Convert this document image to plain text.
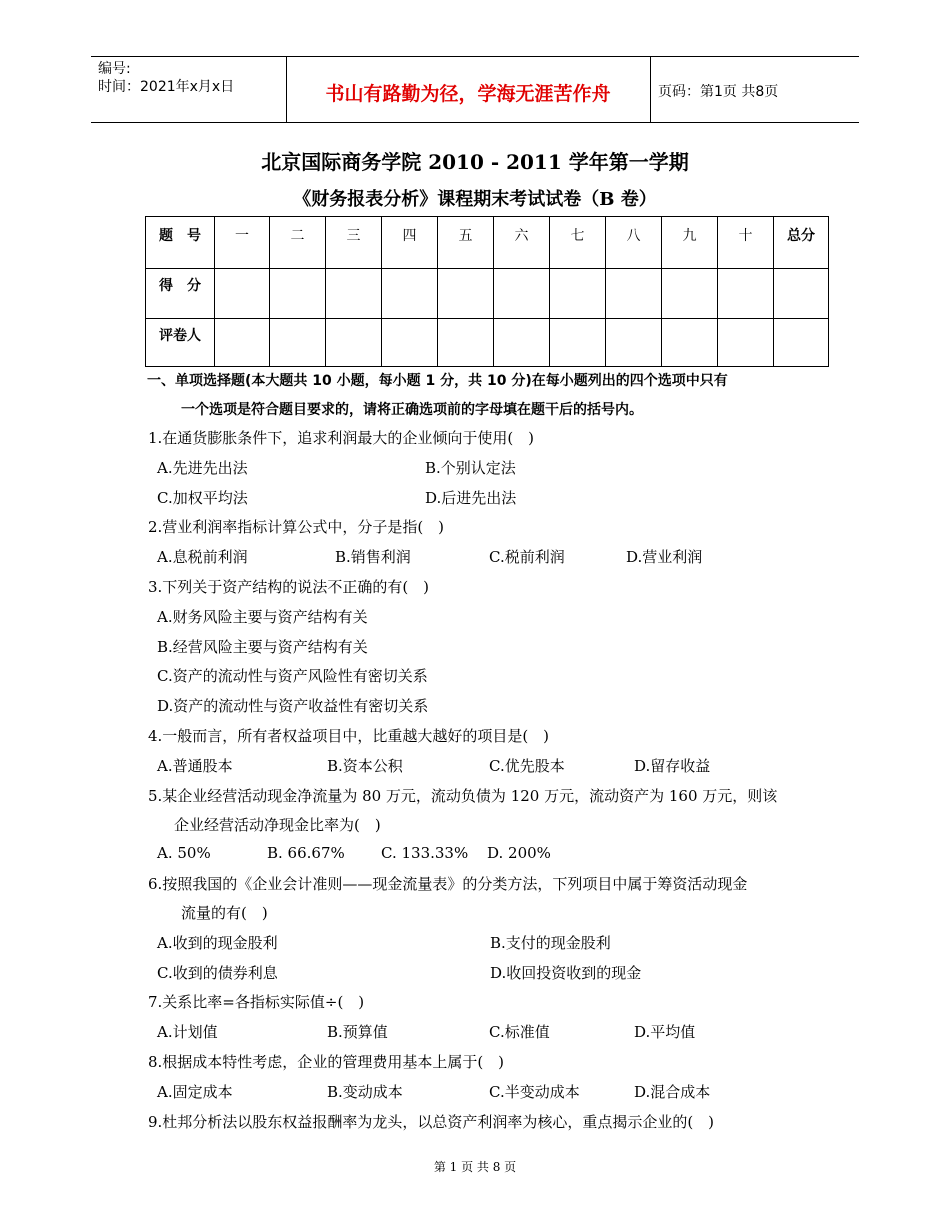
编号:
时间：2021年x月x日	书山有路勤为径，学海无涯苦作舟	页码：第1页 共8页
北京国际商务学院 2010 - 2011 学年第一学期
《财务报表分析》课程期末考试试卷（B 卷）
题　号	一	二	三	四	五	六	七	八	九	十	总分
得　分											
评卷人											
一、单项选择题(本大题共 10 小题，每小题 1 分，共 10 分)在每小题列出的四个选项中只有
一个选项是符合题目要求的，请将正确选项前的字母填在题干后的括号内。
1.在通货膨胀条件下，追求利润最大的企业倾向于使用(　)
A.先进先出法	B.个别认定法
C.加权平均法	D.后进先出法
2.营业利润率指标计算公式中，分子是指(　)
A.息税前利润	B.销售利润	C.税前利润	D.营业利润
3.下列关于资产结构的说法不正确的有(　)
A.财务风险主要与资产结构有关
B.经营风险主要与资产结构有关
C.资产的流动性与资产风险性有密切关系
D.资产的流动性与资产收益性有密切关系
4.一般而言，所有者权益项目中，比重越大越好的项目是(　)
A.普通股本	B.资本公积	C.优先股本	D.留存收益
5.某企业经营活动现金净流量为 80 万元，流动负债为 120 万元，流动资产为 160 万元，则该
企业经营活动净现金比率为(　)
A. 50%	B. 66.67% C. 133.33% D. 200%
6.按照我国的《企业会计准则——现金流量表》的分类方法，下列项目中属于筹资活动现金
流量的有(　)
A.收到的现金股利	B.支付的现金股利
C.收到的债券利息	D.收回投资收到的现金
7.关系比率=各指标实际值÷(　)
A.计划值	B.预算值	C.标准值	D.平均值
8.根据成本特性考虑，企业的管理费用基本上属于(　)
A.固定成本	B.变动成本	C.半变动成本	D.混合成本
9.杜邦分析法以股东权益报酬率为龙头，以总资产利润率为核心，重点揭示企业的(　)
第 1 页 共 8 页
